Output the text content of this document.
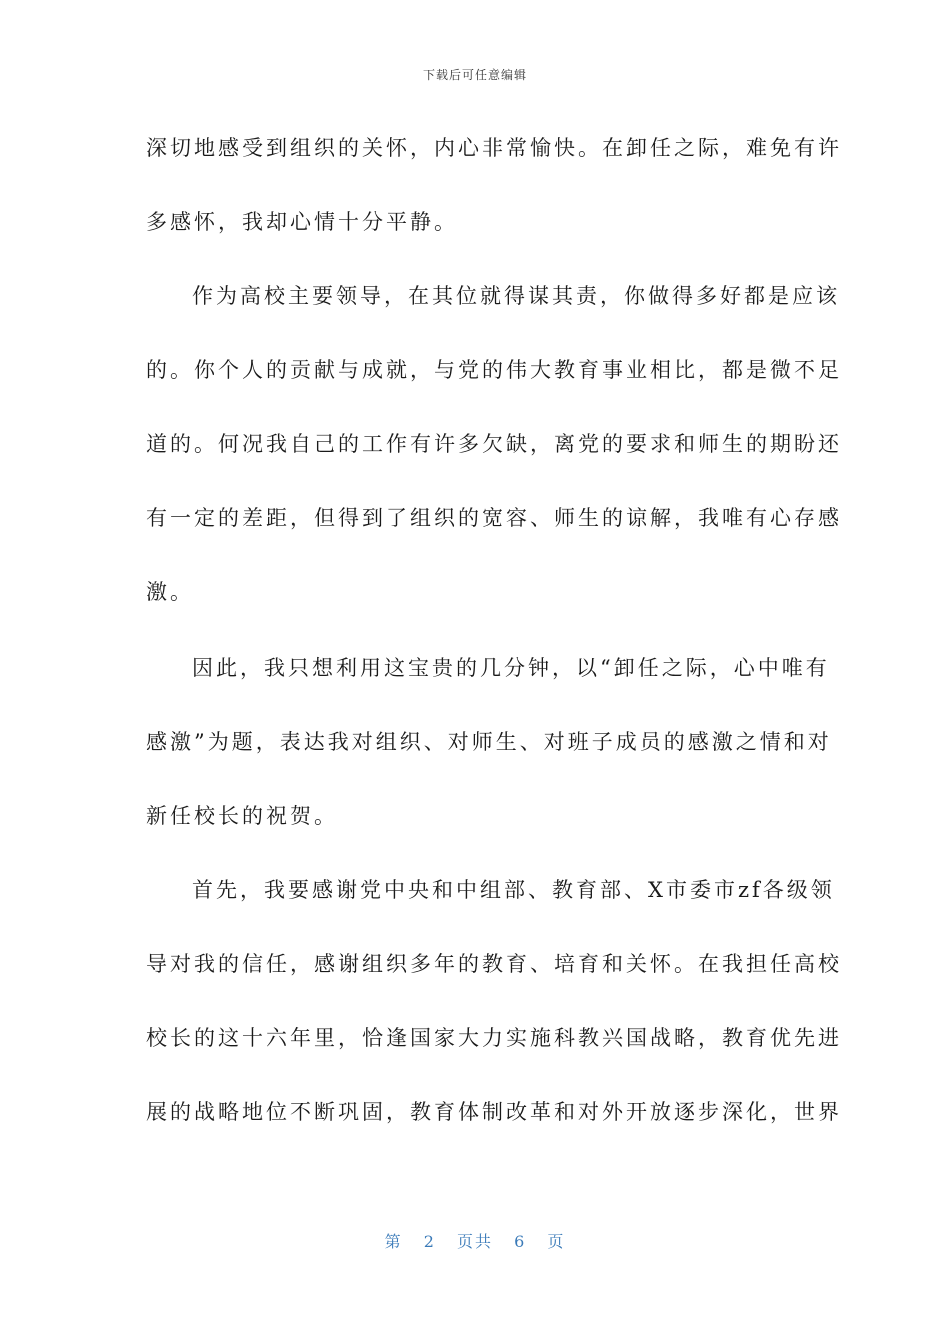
下载后可任意编辑
深切地感受到组织的关怀，内心非常愉快。在卸任之际，难免有许
多感怀，我却心情十分平静。
作为高校主要领导，在其位就得谋其责，你做得多好都是应该
的。你个人的贡献与成就，与党的伟大教育事业相比，都是微不足
道的。何况我自己的工作有许多欠缺，离党的要求和师生的期盼还
有一定的差距，但得到了组织的宽容、师生的谅解，我唯有心存感
激。
因此，我只想利用这宝贵的几分钟，以“卸任之际，心中唯有
感激”为题，表达我对组织、对师生、对班子成员的感激之情和对
新任校长的祝贺。
首先，我要感谢党中央和中组部、教育部、X市委市zf各级领
导对我的信任，感谢组织多年的教育、培育和关怀。在我担任高校
校长的这十六年里，恰逢国家大力实施科教兴国战略，教育优先进
展的战略地位不断巩固，教育体制改革和对外开放逐步深化，世界
第 2 页共 6 页
